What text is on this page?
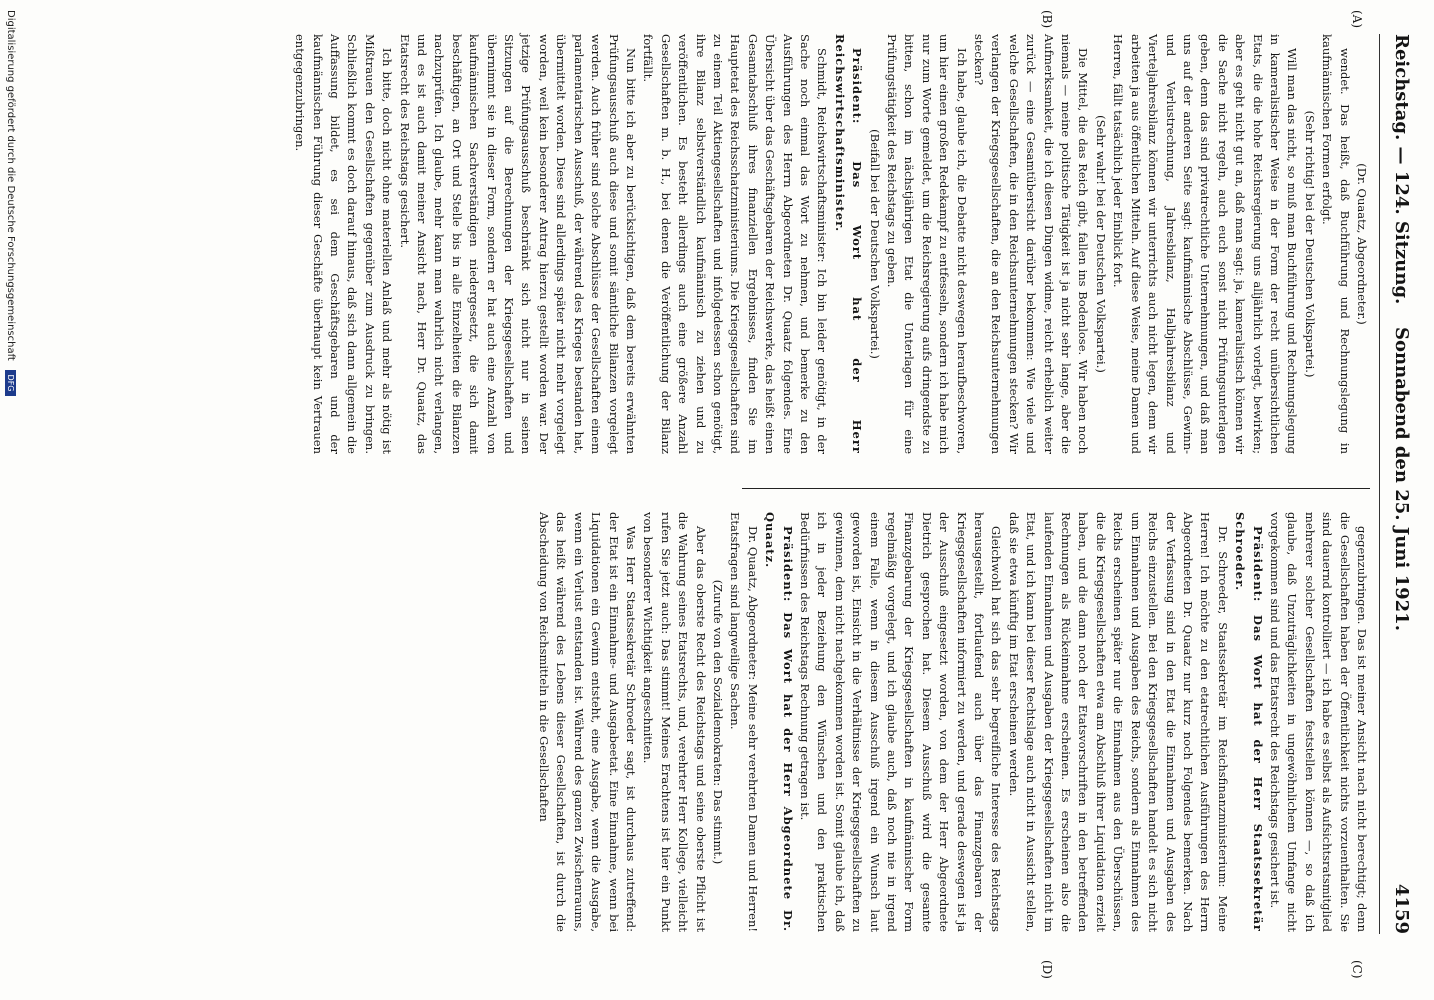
Reichstag. — 124. Sitzung.
Sonnabend den 25. Juni 1921.
4159
(A)
(B)
(C)
(D)

(Dr. Quaatz, Abgeordneter.)

wendet. Das heißt, daß Buchführung und Rechnungslegung in kaufmännischen Formen erfolgt.

(Sehr richtig! bei der Deutschen Volkspartei.)

Will man das nicht, so muß man Buchführung und Rechnungslegung in kameralistischer Weise in der Form der recht unübersichtlichen Etats, die die hohe Reichsregierung uns alljährlich vorlegt, bewirken; aber es geht nicht gut an, daß man sagt: ja, kameralistisch können wir die Sache nicht regeln, auch euch sonst nicht Prüfungsunterlagen geben, denn das sind privatrechtliche Unternehmungen, und daß man uns auf der anderen Seite sagt: kaufmännische Abschlüsse, Gewinn- und Verlustrechnung, Jahresbilanz, Halbjahresbilanz und Vierteljahresbilanz können wir unterrichts auch nicht legen, denn wir arbeiten ja aus öffentlichen Mitteln. Auf diese Weise, meine Damen und Herren, fällt tatsächlich jeder Einblick fort.

(Sehr wahr! bei der Deutschen Volkspartei.)

Die Mittel, die das Reich gibt, fallen ins Bodenlose. Wir haben noch niemals — meine politische Tätigkeit ist ja nicht sehr lange, aber die Aufmerksamkeit, die ich diesen Dingen widme, reicht erheblich weiter zurück — eine Gesamtübersicht darüber bekommen: Wie viele und welche Gesellschaften, die in den Reichsunternehmungen stecken? Wir verlangen der Kriegsgesellschaften, die an den Reichsunternehmungen stecken?

Ich habe, glaube ich, die Debatte nicht deswegen heraufbeschworen, um hier einen großen Redekampf zu entfesseln, sondern ich habe mich nur zum Worte gemeldet, um die Reichsregierung aufs dringendste zu bitten, schon im nächstjährigen Etat die Unterlagen für eine Prüfungstätigkeit des Reichstags zu geben.

(Beifall bei der Deutschen Volkspartei.)

Präsident: Das Wort hat der Herr Reichswirtschaftsminister.

Schmidt, Reichswirtschaftsminister: Ich bin leider genötigt, in der Sache noch einmal das Wort zu nehmen, und bemerke zu den Ausführungen des Herrn Abgeordneten Dr. Quaatz folgendes. Eine Übersicht über das Geschäftsgebaren der Reichswerke, das heißt einen Gesamtabschluß ihres finanziellen Ergebnisses, finden Sie im Hauptetat des Reichsschatzministeriums. Die Kriegsgesellschaften sind zu einem Teil Aktiengesellschaften und infolgedessen schon genötigt, ihre Bilanz selbstverständlich kaufmännisch zu ziehen und zu veröffentlichen. Es besteht allerdings auch eine größere Anzahl Gesellschaften m. b. H., bei denen die Veröffentlichung der Bilanz fortfällt.

Nun bitte ich aber zu berücksichtigen, daß dem bereits erwähnten Prüfungsausschuß auch diese und somit sämtliche Bilanzen vorgelegt werden. Auch früher sind solche Abschlüsse der Gesellschaften einem parlamentarischen Ausschuß, der während des Krieges bestanden hat, übermittelt worden. Diese sind allerdings später nicht mehr vorgelegt worden, weil kein besonderer Antrag hierzu gestellt worden war. Der jetzige Prüfungsausschuß beschränkt sich nicht nur in seinen Sitzungen auf die Berechnungen der Kriegsgesellschaften und übernimmt sie in dieser Form, sondern er hat auch eine Anzahl von kaufmännischen Sachverständigen niedergesetzt, die sich damit beschäftigen, an Ort und Stelle bis in alle Einzelheiten die Bilanzen nachzuprüfen. Ich glaube, mehr kann man wahrlich nicht verlangen, und es ist auch damit meiner Ansicht nach, Herr Dr. Quaatz, das Etatsrecht des Reichstags gesichert.

Ich bitte, doch nicht ohne materiellen Anlaß und mehr als nötig ist Mißtrauen den Gesellschaften gegenüber zum Ausdruck zu bringen. Schließlich kommt es doch darauf hinaus, daß sich dann allgemein die Auffassung bildet, es sei dem Geschäftsgebaren und der kaufmännischen Führung dieser Geschäfte überhaupt kein Vertrauen entgegenzubringen.

gegenzubringen. Das ist meiner Ansicht nach nicht berechtigt; denn die Gesellschaften haben der Öffentlichkeit nichts vorzuenthalten. Sie sind dauernd kontrolliert — ich habe es selbst als Aufsichtsratsmitglied mehrerer solcher Gesellschaften feststellen können —, so daß ich glaube, daß Unzuträglichkeiten in ungewöhnlichem Umfange nicht vorgekommen sind und das Etatsrecht des Reichstags gesichert ist.

Präsident: Das Wort hat der Herr Staatssekretär Schroeder.

Dr. Schroeder, Staatssekretär im Reichsfinanzministerium: Meine Herren! Ich möchte zu den etatrechtlichen Ausführungen des Herrn Abgeordneten Dr. Quaatz nur kurz noch Folgendes bemerken. Nach der Verfassung sind in den Etat die Einnahmen und Ausgaben des Reichs einzustellen. Bei den Kriegsgesellschaften handelt es sich nicht um Einnahmen und Ausgaben des Reichs, sondern als Einnahmen des Reichs erscheinen später nur die Einnahmen aus den Überschüssen, die die Kriegsgesellschaften etwa am Abschluß ihrer Liquidation erzielt haben, und die dann noch der Etatsvorschriften in den betreffenden Rechnungen als Rückeinnahme erscheinen. Es erscheinen also die laufenden Einnahmen und Ausgaben der Kriegsgesellschaften nicht im Etat, und ich kann bei dieser Rechtslage auch nicht in Aussicht stellen, daß sie etwa künftig im Etat erscheinen werden.

Gleichwohl hat sich das sehr begreifliche Interesse des Reichstags herausgestellt, fortlaufend auch über das Finanzgebaren der Kriegsgesellschaften informiert zu werden, und gerade deswegen ist ja der Ausschuß eingesetzt worden, von dem der Herr Abgeordnete Dietrich gesprochen hat. Diesem Ausschuß wird die gesamte Finanzgebarung der Kriegsgesellschaften in kaufmännischer Form regelmäßig vorgelegt, und ich glaube auch, daß noch nie in irgend einem Falle, wenn in diesem Ausschuß irgend ein Wunsch laut geworden ist, Einsicht in die Verhältnisse der Kriegsgesellschaften zu gewinnen, dem nicht nachgekommen worden ist. Somit glaube ich, daß ich in jeder Beziehung den Wünschen und den praktischen Bedürfnissen des Reichstags Rechnung getragen ist.

Präsident: Das Wort hat der Herr Abgeordnete Dr. Quaatz.

Dr. Quaatz, Abgeordneter: Meine sehr verehrten Damen und Herren! Etatsfragen sind langweilige Sachen.

(Zurufe von den Sozialdemokraten: Das stimmt.)

Aber das oberste Recht des Reichstags und seine oberste Pflicht ist die Wahrung seines Etatsrechts, und, verehrter Herr Kollege, vielleicht rufen Sie jetzt auch: Das stimmt! Meines Erachtens ist hier ein Punkt von besonderer Wichtigkeit angeschnitten.

Was Herr Staatssekretär Schroeder sagt, ist durchaus zutreffend: der Etat ist ein Einnahme- und Ausgabeetat. Eine Einnahme, wenn bei Liquidationen ein Gewinn entsteht, eine Ausgabe, wenn die Ausgabe, wenn ein Verlust entstanden ist. Während des ganzen Zwischenraums, das heißt während des Lebens dieser Gesellschaften, ist durch die Abscheidung von Reichsmitteln in die Gesellschaften

Digitalisierung gefördert durch die Deutsche Forschungsgemeinschaft DFG
